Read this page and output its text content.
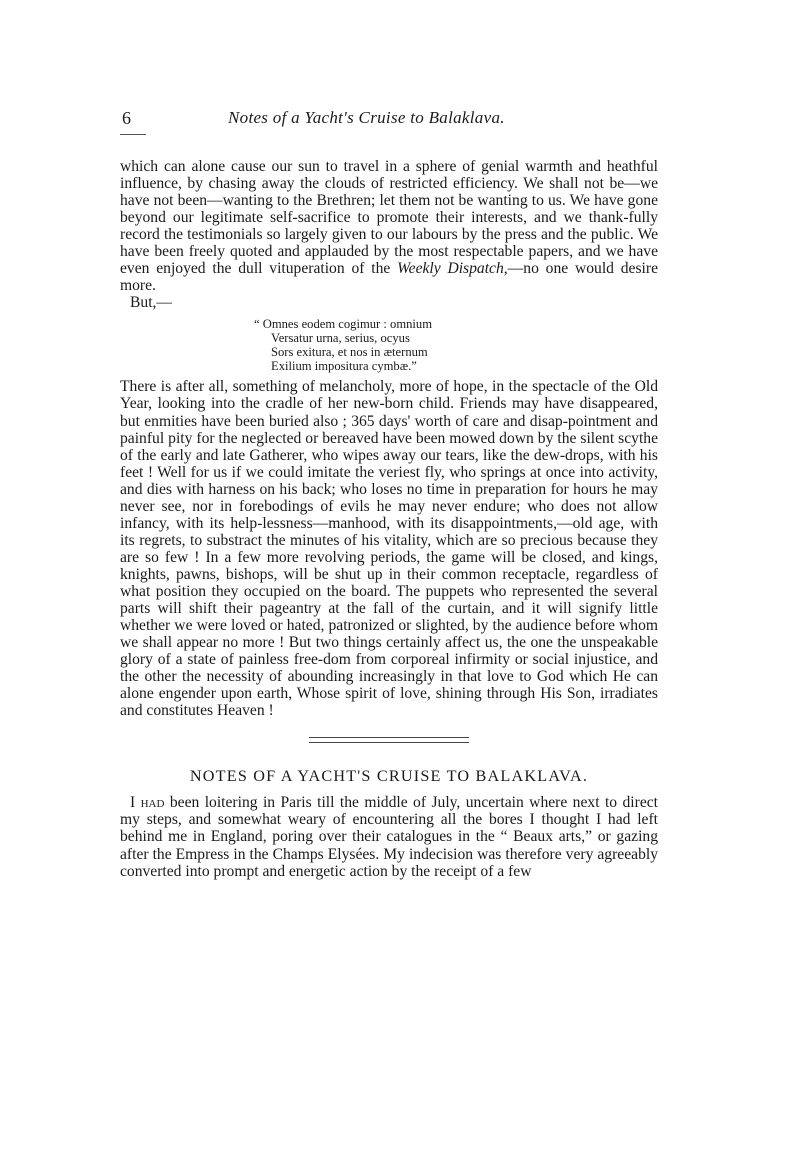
6	Notes of a Yacht's Cruise to Balaklava.

which can alone cause our sun to travel in a sphere of genial warmth and heathful influence, by chasing away the clouds of restricted efficiency. We shall not be—we have not been—wanting to the Brethren; let them not be wanting to us. We have gone beyond our legitimate self-sacrifice to promote their interests, and we thank-fully record the testimonials so largely given to our labours by the press and the public. We have been freely quoted and applauded by the most respectable papers, and we have even enjoyed the dull vituperation of the Weekly Dispatch,—no one would desire more.

But,—

“ Omnes eodem cogimur : omnium
Versatur urna, serius, ocyus
Sors exitura, et nos in æternum
Exilium impositura cymbæ.”

There is after all, something of melancholy, more of hope, in the spectacle of the Old Year, looking into the cradle of her new-born child. Friends may have disappeared, but enmities have been buried also ; 365 days' worth of care and disap-pointment and painful pity for the neglected or bereaved have been mowed down by the silent scythe of the early and late Gatherer, who wipes away our tears, like the dew-drops, with his feet ! Well for us if we could imitate the veriest fly, who springs at once into activity, and dies with harness on his back; who loses no time in preparation for hours he may never see, nor in forebodings of evils he may never endure; who does not allow infancy, with its help-lessness—manhood, with its disappointments,—old age, with its regrets, to substract the minutes of his vitality, which are so precious because they are so few ! In a few more revolving periods, the game will be closed, and kings, knights, pawns, bishops, will be shut up in their common receptacle, regardless of what position they occupied on the board. The puppets who represented the several parts will shift their pageantry at the fall of the curtain, and it will signify little whether we were loved or hated, patronized or slighted, by the audience before whom we shall appear no more ! But two things certainly affect us, the one the unspeakable glory of a state of painless free-dom from corporeal infirmity or social injustice, and the other the necessity of abounding increasingly in that love to God which He can alone engender upon earth, Whose spirit of love, shining through His Son, irradiates and constitutes Heaven !

NOTES OF A YACHT'S CRUISE TO BALAKLAVA.

I had been loitering in Paris till the middle of July, uncertain where next to direct my steps, and somewhat weary of encountering all the bores I thought I had left behind me in England, poring over their catalogues in the “ Beaux arts,” or gazing after the Empress in the Champs Elysées. My indecision was therefore very agreeably converted into prompt and energetic action by the receipt of a few
